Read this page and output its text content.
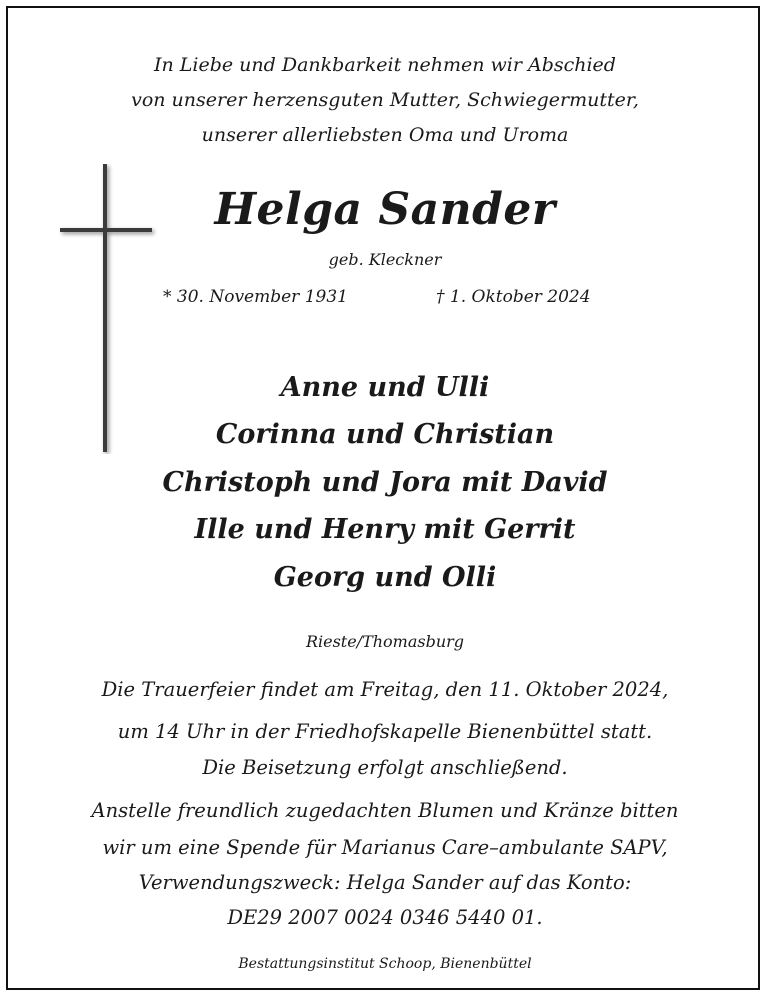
In Liebe und Dankbarkeit nehmen wir Abschied
von unserer herzensguten Mutter, Schwiegermutter,
unserer allerliebsten Oma und Uroma
Helga Sander
geb. Kleckner
* 30. November 1931	† 1. Oktober 2024
Anne und Ulli
Corinna und Christian
Christoph und Jora mit David
Ille und Henry mit Gerrit
Georg und Olli
Rieste/Thomasburg
Die Trauerfeier findet am Freitag, den 11. Oktober 2024,
um 14 Uhr in der Friedhofskapelle Bienenbüttel statt.
Die Beisetzung erfolgt anschließend.
Anstelle freundlich zugedachten Blumen und Kränze bitten
wir um eine Spende für Marianus Care–ambulante SAPV,
Verwendungszweck: Helga Sander auf das Konto:
DE29 2007 0024 0346 5440 01.
Bestattungsinstitut Schoop, Bienenbüttel
